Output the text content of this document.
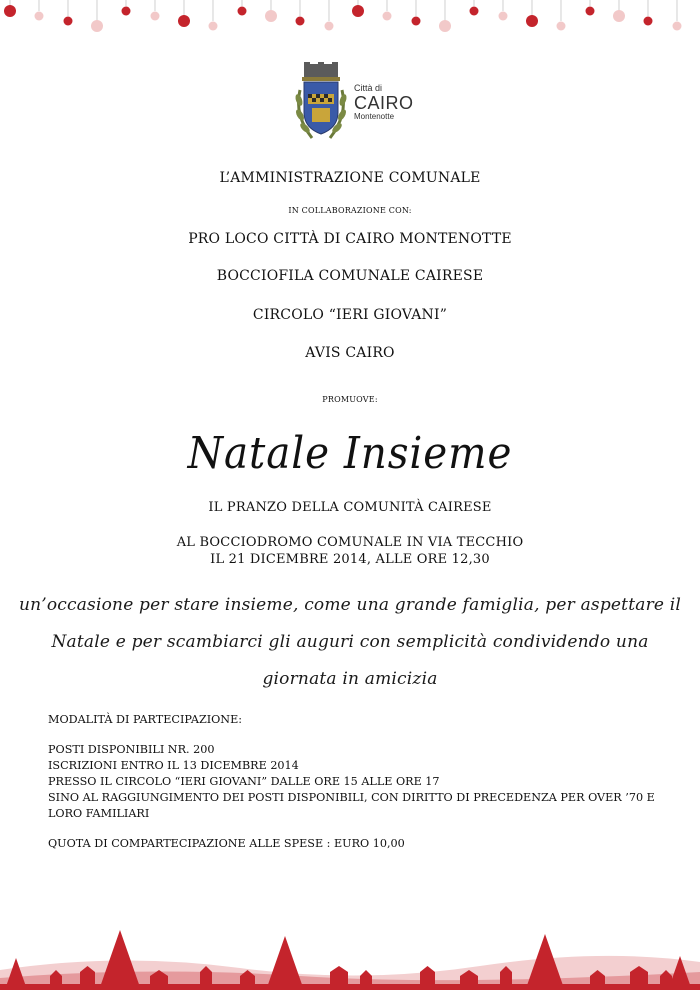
Città di
CAIRO
Montenotte
L’AMMINISTRAZIONE COMUNALE
IN COLLABORAZIONE CON:
PRO LOCO CITTÀ DI CAIRO MONTENOTTE
BOCCIOFILA COMUNALE CAIRESE
CIRCOLO “IERI GIOVANI”
AVIS CAIRO
PROMUOVE:
Natale Insieme
IL PRANZO DELLA COMUNITÀ CAIRESE
AL BOCCIODROMO COMUNALE IN VIA TECCHIO
IL 21 DICEMBRE 2014, ALLE ORE 12,30
un’occasione per stare insieme, come una grande famiglia, per aspettare il
Natale e per scambiarci gli auguri con semplicità condividendo una
giornata in amicizia
MODALITÀ DI PARTECIPAZIONE:
POSTI DISPONIBILI NR. 200
ISCRIZIONI ENTRO IL 13 DICEMBRE 2014
PRESSO IL CIRCOLO “IERI GIOVANI” DALLE ORE 15 ALLE ORE 17
SINO AL RAGGIUNGIMENTO DEI POSTI DISPONIBILI, CON DIRITTO DI PRECEDENZA PER OVER ’70 E
LORO FAMILIARI
QUOTA DI COMPARTECIPAZIONE ALLE SPESE : EURO 10,00
